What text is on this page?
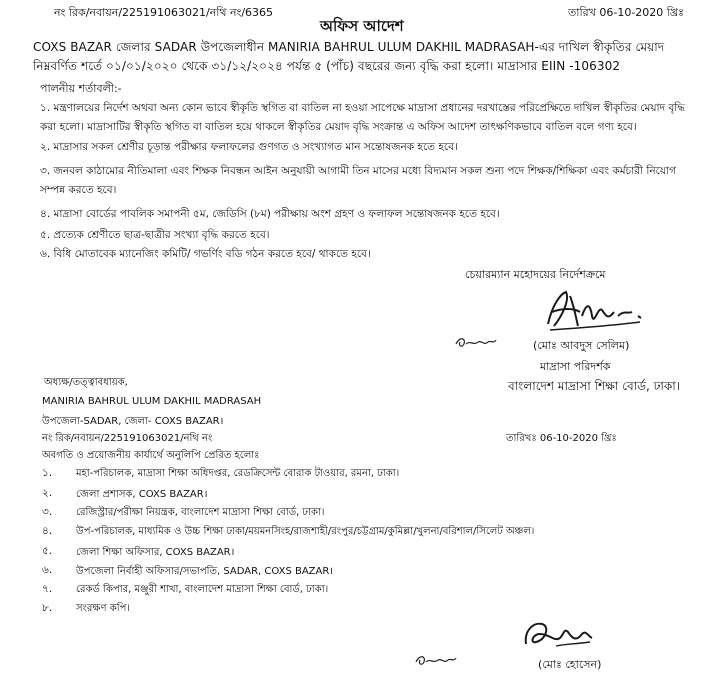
নং রিক/নবায়ন/225191063021/নথি নং/6365	তারিখ 06-10-2020 খ্রিঃ
অফিস আদেশ
COXS BAZAR জেলার SADAR উপজেলাধীন MANIRIA BAHRUL ULUM DAKHIL MADRASAH-এর দাখিল স্বীকৃতির মেয়াদ
নিম্নবর্ণিত শর্তে ০১/০১/২০২০ থেকে ৩১/১২/২০২৪ পর্যন্ত ৫ (পাঁচ) বছরের জন্য বৃদ্ধি করা হলো। মাদ্রাসার EIIN -106302
পালনীয় শর্তাবলী:-
১. মন্ত্রণালয়ের নির্দেশ অথবা অন্য কোন ভাবে স্বীকৃতি স্থগিত বা বাতিল না হওয়া সাপেক্ষে মাদ্রাসা প্রধানের দরখাস্তের পরিপ্রেক্ষিতে দাখিল স্বীকৃতির মেয়াদ বৃদ্ধি করা হলো। মাদ্রাসাটির স্বীকৃতি স্থগিত বা বাতিল হয়ে থাকলে স্বীকৃতির মেয়াদ বৃদ্ধি সংক্রান্ত এ অফিস আদেশ তাৎক্ষণিকভাবে বাতিল বলে গণ্য হবে।
২. মাদ্রাসার সকল শ্রেণীর চূড়ান্ত পরীক্ষার ফলাফলের গুণগত ও সংখ্যাগত মান সন্তোষজনক হতে হবে।
৩. জনবল কাঠামোর নীতিমালা এবং শিক্ষক নিবন্ধন আইন অনুযায়ী আগামী তিন মাসের মধ্যে বিদ্যমান সকল শুন্য পদে শিক্ষক/শিক্ষিকা এবং কর্মচারী নিয়োগ সম্পন্ন করতে হবে।
৪. মাদ্রাসা বোর্ডের পাবলিক সমাপনী ৫ম, জেডিসি (৮ম) পরীক্ষায় অংশ গ্রহণ ও ফলাফল সন্তোষজনক হতে হবে।
৫. প্রত্যেক শ্রেণীতে ছাত্র-ছাত্রীর সংখ্যা বৃদ্ধি করতে হবে।
৬. বিধি মোতাবেক ম্যানেজিং কমিটি/ গভর্ণিং বডি গঠন করতে হবে/ থাকতে হবে।
চেয়ারম্যান মহোদয়ের নির্দেশক্রমে
(মোঃ আবদুস সেলিম)
মাদ্রাসা পরিদর্শক
বাংলাদেশ মাদ্রাসা শিক্ষা বোর্ড, ঢাকা।
অধ্যক্ষ/তত্ত্বাবধায়ক,
MANIRIA BAHRUL ULUM DAKHIL MADRASAH
উপজেলা-SADAR, জেলা- COXS BAZAR।
নং রিক/নবায়ন/225191063021/নথি নং	তারিখঃ 06-10-2020 খ্রিঃ
অবগতি ও প্রয়োজনীয় কার্যার্থে অনুলিপি প্রেরিত হলোঃ
১. মহা-পরিচালক, মাদ্রাসা শিক্ষা অধিদপ্তর, রেডক্রিসেন্ট বোরাক টাওয়ার, রমনা, ঢাকা।
২. জেলা প্রশাসক, COXS BAZAR।
৩. রেজিস্ট্রার/পরীক্ষা নিয়ন্ত্রক, বাংলাদেশ মাদ্রাসা শিক্ষা বোর্ড, ঢাকা।
৪. উপ-পরিচালক, মাধ্যমিক ও উচ্চ শিক্ষা ঢাকা/ময়মনসিংহ/রাজশাহী/রংপুর/চট্টগ্রাম/কুমিল্লা/খুলনা/বরিশাল/সিলেট অঞ্চল।
৫. জেলা শিক্ষা অফিসার, COXS BAZAR।
৬. উপজেলা নির্বাহী অফিসার/সভাপতি, SADAR, COXS BAZAR।
৭. রেকর্ড কিপার, মঞ্জুরী শাখা, বাংলাদেশ মাদ্রাসা শিক্ষা বোর্ড, ঢাকা।
৮. সংরক্ষণ কপি।
(মোঃ হোসেন)
